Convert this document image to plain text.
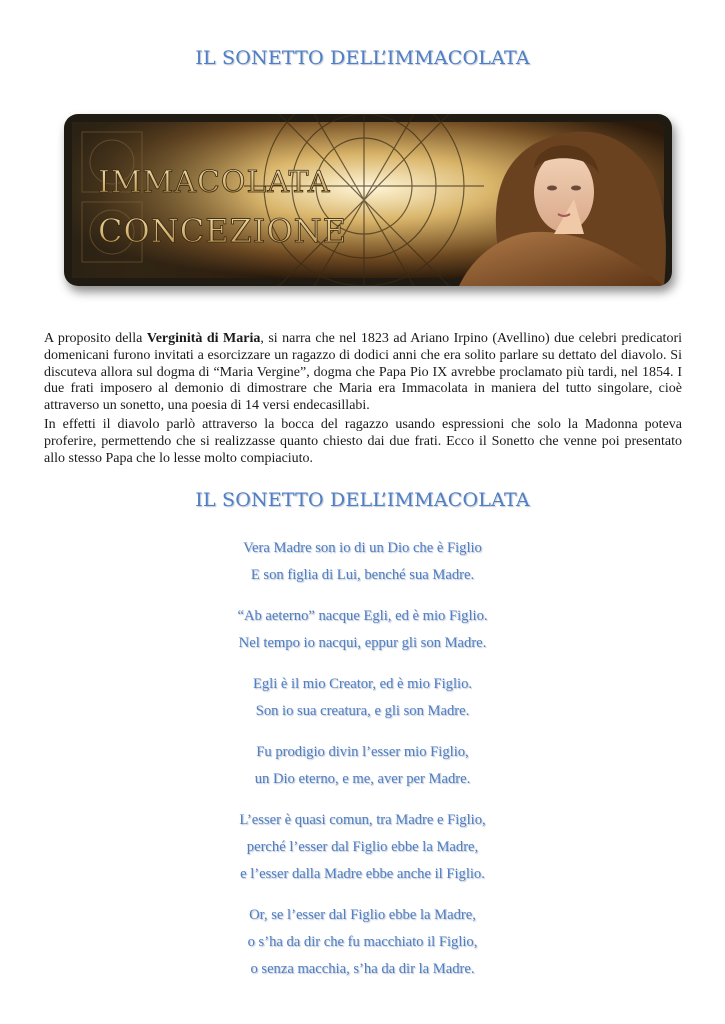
IL SONETTO DELL’IMMACOLATA
IMMACOLATA
CONCEZIONE

A proposito della Verginità di Maria, si narra che nel 1823 ad Ariano Irpino (Avellino) due celebri predicatori domenicani furono invitati a esorcizzare un ragazzo di dodici anni che era solito parlare su dettato del diavolo. Si discuteva allora sul dogma di “Maria Vergine”, dogma che Papa Pio IX avrebbe proclamato più tardi, nel 1854. I due frati imposero al demonio di dimostrare che Maria era Immacolata in maniera del tutto singolare, cioè attraverso un sonetto, una poesia di 14 versi endecasillabi.

In effetti il diavolo parlò attraverso la bocca del ragazzo usando espressioni che solo la Madonna poteva proferire, permettendo che si realizzasse quanto chiesto dai due frati. Ecco il Sonetto che venne poi presentato allo stesso Papa che lo lesse molto compiaciuto.

IL SONETTO DELL’IMMACOLATA
Vera Madre son io di un Dio che è Figlio
E son figlia di Lui, benché sua Madre.
“Ab aeterno” nacque Egli, ed è mio Figlio.
Nel tempo io nacqui, eppur gli son Madre.
Egli è il mio Creator, ed è mio Figlio.
Son io sua creatura, e gli son Madre.
Fu prodigio divin l’esser mio Figlio,
un Dio eterno, e me, aver per Madre.
L’esser è quasi comun, tra Madre e Figlio,
perché l’esser dal Figlio ebbe la Madre,
e l’esser dalla Madre ebbe anche il Figlio.
Or, se l’esser dal Figlio ebbe la Madre,
o s’ha da dir che fu macchiato il Figlio,
o senza macchia, s’ha da dir la Madre.
